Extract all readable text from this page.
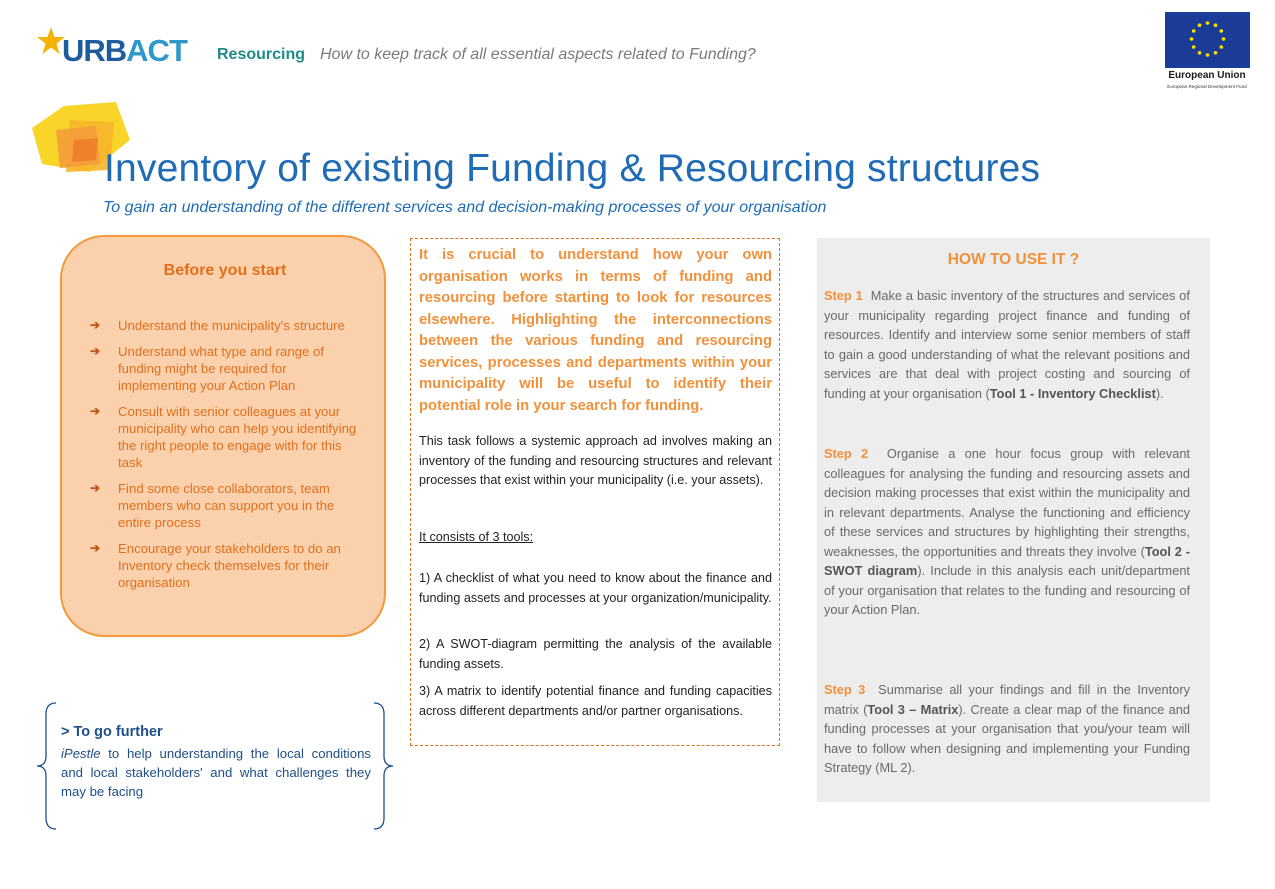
URBACT Resourcing How to keep track of all essential aspects related to Funding?
European Union
European Regional Development Fund
Inventory of existing Funding & Resourcing structures
To gain an understanding of the different services and decision-making processes of your organisation
Before you start
➔ Understand the municipality's structure
➔ Understand what type and range of funding might be required for implementing your Action Plan
➔ Consult with senior colleagues at your municipality who can help you identifying the right people to engage with for this task
➔ Find some close collaborators, team members who can support you in the entire process
➔ Encourage your stakeholders to do an Inventory check themselves for their organisation
> To go further
iPestle to help understanding the local conditions and local stakeholders' and what challenges they may be facing
It is crucial to understand how your own organisation works in terms of funding and resourcing before starting to look for resources elsewhere. Highlighting the interconnections between the various funding and resourcing services, processes and departments within your municipality will be useful to identify their potential role in your search for funding.
This task follows a systemic approach ad involves making an inventory of the funding and resourcing structures and relevant processes that exist within your municipality (i.e. your assets).
It consists of 3 tools:
1) A checklist of what you need to know about the finance and funding assets and processes at your organization/municipality.
2) A SWOT-diagram permitting the analysis of the available funding assets.
3) A matrix to identify potential finance and funding capacities across different departments and/or partner organisations.
HOW TO USE IT ?
Step 1 Make a basic inventory of the structures and services of your municipality regarding project finance and funding of resources. Identify and interview some senior members of staff to gain a good understanding of what the relevant positions and services are that deal with project costing and sourcing of funding at your organisation (Tool 1 - Inventory Checklist).
Step 2 Organise a one hour focus group with relevant colleagues for analysing the funding and resourcing assets and decision making processes that exist within the municipality and in relevant departments. Analyse the functioning and efficiency of these services and structures by highlighting their strengths, weaknesses, the opportunities and threats they involve (Tool 2 - SWOT diagram). Include in this analysis each unit/department of your organisation that relates to the funding and resourcing of your Action Plan.
Step 3 Summarise all your findings and fill in the Inventory matrix (Tool 3 – Matrix). Create a clear map of the finance and funding processes at your organisation that you/your team will have to follow when designing and implementing your Funding Strategy (ML 2).
